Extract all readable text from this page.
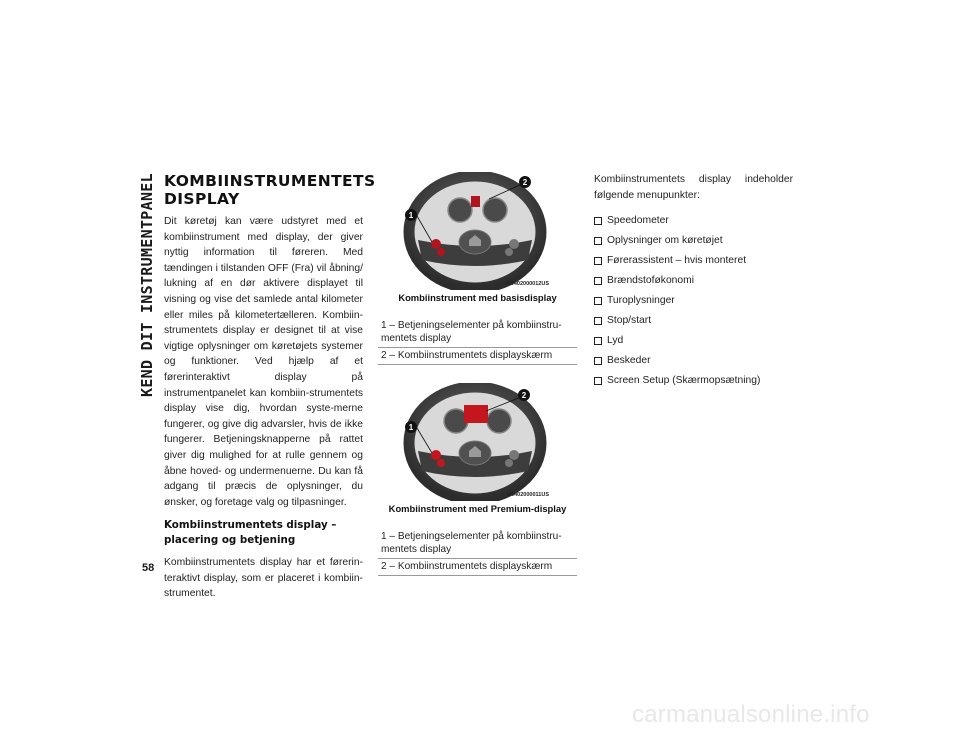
KEND DIT INSTRUMENTPANEL
58
KOMBIINSTRUMENTETS DISPLAY

Dit køretøj kan være udstyret med et kombiinstrument med display, der giver nyttig information til føreren. Med tændingen i tilstanden OFF (Fra) vil åbning/ lukning af en dør aktivere displayet til visning og vise det samlede antal kilometer eller miles på kilometertælleren. Kombiin-strumentets display er designet til at vise vigtige oplysninger om køretøjets systemer og funktioner. Ved hjælp af et førerinteraktivt display på instrumentpanelet kan kombiin-strumentets display vise dig, hvordan syste-merne fungerer, og give dig advarsler, hvis de ikke fungerer. Betjeningsknapperne på rattet giver dig mulighed for at rulle gennem og åbne hoved- og undermenuerne. Du kan få adgang til præcis de oplysninger, du ønsker, og foretage valg og tilpasninger.

Kombiinstrumentets display – placering og betjening

Kombiinstrumentets display har et førerin-teraktivt display, som er placeret i kombiin-strumentet.

1
2
M0402000012US
Kombiinstrument med basisdisplay
1 – Betjeningselementer på kombiinstru-mentets display
2 – Kombiinstrumentets displayskærm
1
2
M0402000011US
Kombiinstrument med Premium-display
1 – Betjeningselementer på kombiinstru-mentets display
2 – Kombiinstrumentets displayskærm

Kombiinstrumentets display indeholder følgende menupunkter:

Speedometer
Oplysninger om køretøjet
Førerassistent – hvis monteret
Brændstoføkonomi
Turoplysninger
Stop/start
Lyd
Beskeder
Screen Setup (Skærmopsætning)
carmanualsonline.info
